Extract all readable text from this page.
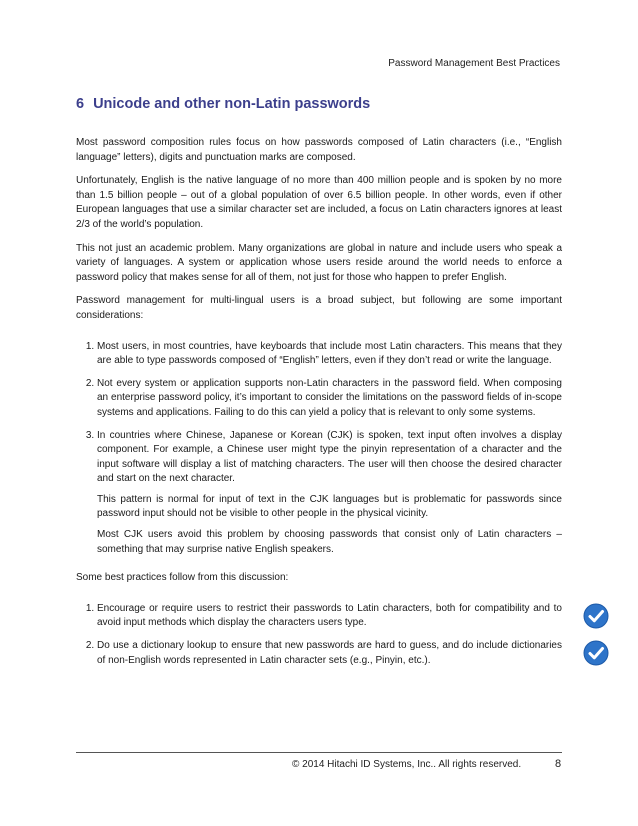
Password Management Best Practices
6 Unicode and other non-Latin passwords

Most password composition rules focus on how passwords composed of Latin characters (i.e., “English language” letters), digits and punctuation marks are composed.

Unfortunately, English is the native language of no more than 400 million people and is spoken by no more than 1.5 billion people – out of a global population of over 6.5 billion people. In other words, even if other European languages that use a similar character set are included, a focus on Latin characters ignores at least 2/3 of the world’s population.

This not just an academic problem. Many organizations are global in nature and include users who speak a variety of languages. A system or application whose users reside around the world needs to enforce a password policy that makes sense for all of them, not just for those who happen to prefer English.

Password management for multi-lingual users is a broad subject, but following are some important considerations:

1. Most users, in most countries, have keyboards that include most Latin characters. This means that they are able to type passwords composed of “English” letters, even if they don’t read or write the language.
2. Not every system or application supports non-Latin characters in the password field. When composing an enterprise password policy, it’s important to consider the limitations on the password fields of in-scope systems and applications. Failing to do this can yield a policy that is relevant to only some systems.
3. In countries where Chinese, Japanese or Korean (CJK) is spoken, text input often involves a display component. For example, a Chinese user might type the pinyin representation of a character and the input software will display a list of matching characters. The user will then choose the desired character and start on the next character.

This pattern is normal for input of text in the CJK languages but is problematic for passwords since password input should not be visible to other people in the physical vicinity.

Most CJK users avoid this problem by choosing passwords that consist only of Latin characters – something that may surprise native English speakers.

Some best practices follow from this discussion:

1. Encourage or require users to restrict their passwords to Latin characters, both for compatibility and to avoid input methods which display the characters users type.
2. Do use a dictionary lookup to ensure that new passwords are hard to guess, and do include dictionaries of non-English words represented in Latin character sets (e.g., Pinyin, etc.).
© 2014 Hitachi ID Systems, Inc.. All rights reserved.	8
